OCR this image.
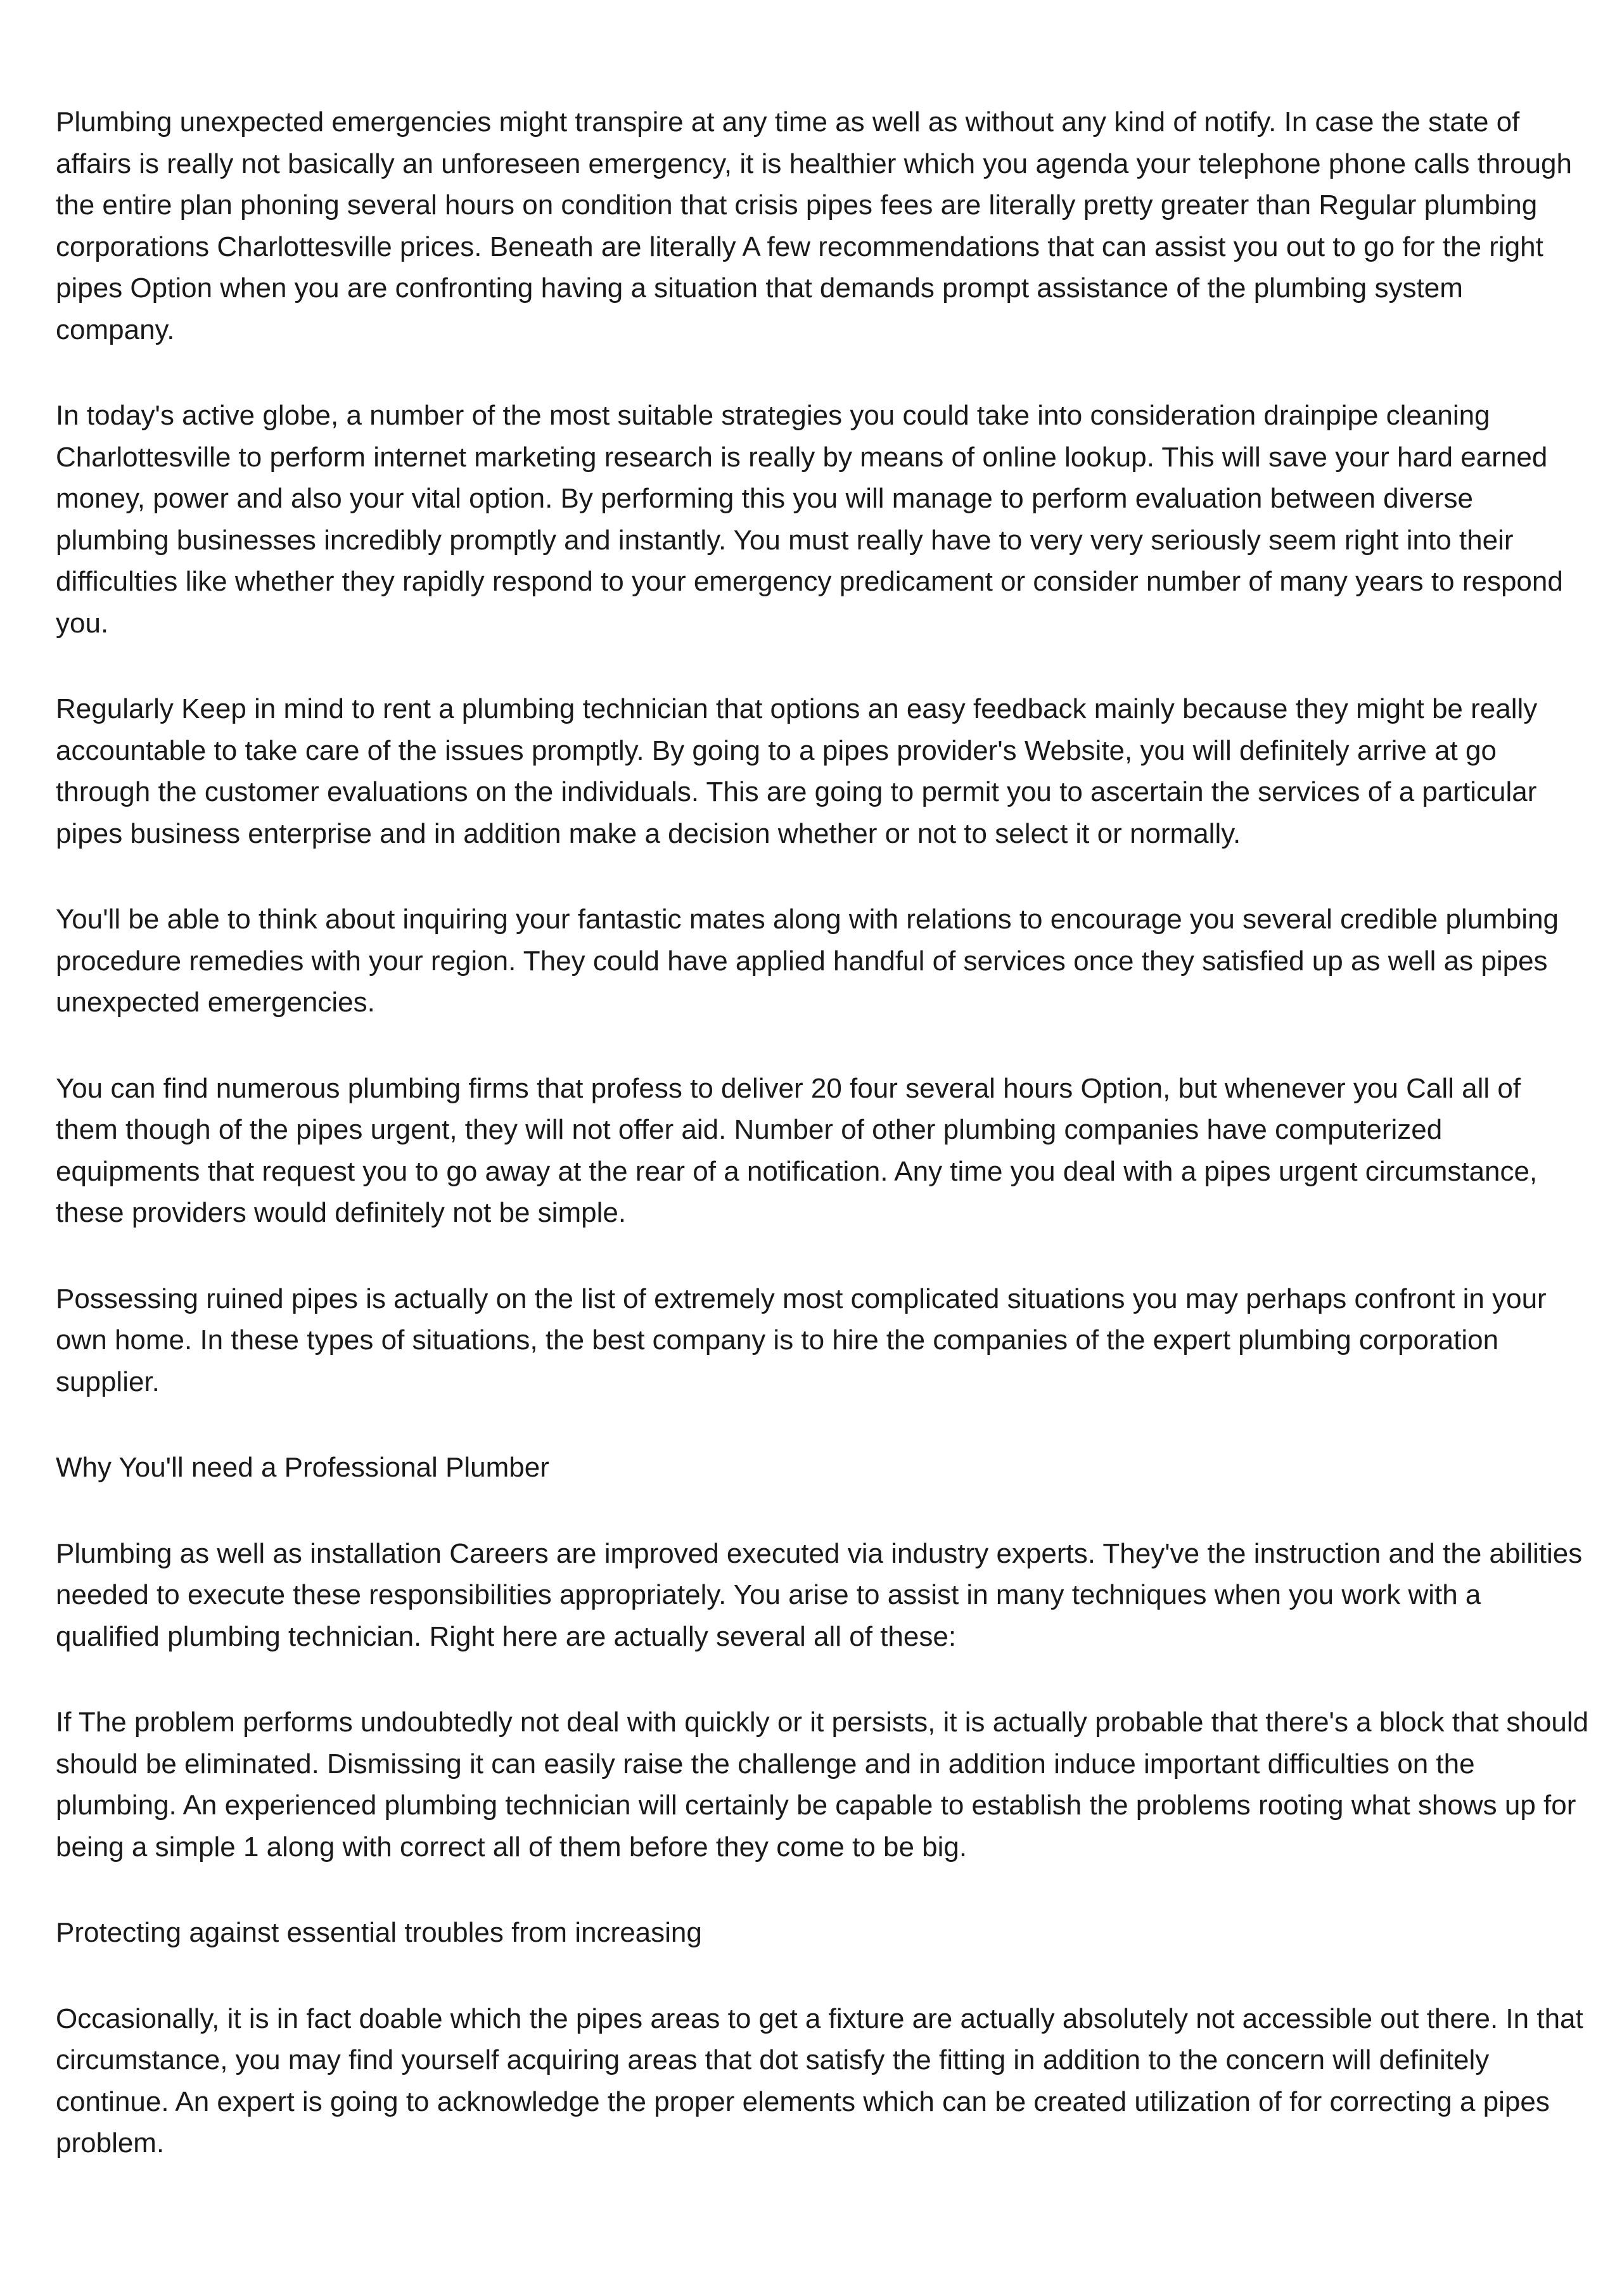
Plumbing unexpected emergencies might transpire at any time as well as without any kind of notify. In case the state of affairs is really not basically an unforeseen emergency, it is healthier which you agenda your telephone phone calls through the entire plan phoning several hours on condition that crisis pipes fees are literally pretty greater than Regular plumbing corporations Charlottesville prices. Beneath are literally A few recommendations that can assist you out to go for the right pipes Option when you are confronting having a situation that demands prompt assistance of the plumbing system company.

In today's active globe, a number of the most suitable strategies you could take into consideration drainpipe cleaning Charlottesville to perform internet marketing research is really by means of online lookup. This will save your hard earned money, power and also your vital option. By performing this you will manage to perform evaluation between diverse plumbing businesses incredibly promptly and instantly. You must really have to very very seriously seem right into their difficulties like whether they rapidly respond to your emergency predicament or consider number of many years to respond you.

Regularly Keep in mind to rent a plumbing technician that options an easy feedback mainly because they might be really accountable to take care of the issues promptly. By going to a pipes provider's Website, you will definitely arrive at go through the customer evaluations on the individuals. This are going to permit you to ascertain the services of a particular pipes business enterprise and in addition make a decision whether or not to select it or normally.

You'll be able to think about inquiring your fantastic mates along with relations to encourage you several credible plumbing procedure remedies with your region. They could have applied handful of services once they satisfied up as well as pipes unexpected emergencies.

You can find numerous plumbing firms that profess to deliver 20 four several hours Option, but whenever you Call all of them though of the pipes urgent, they will not offer aid. Number of other plumbing companies have computerized equipments that request you to go away at the rear of a notification. Any time you deal with a pipes urgent circumstance, these providers would definitely not be simple.

Possessing ruined pipes is actually on the list of extremely most complicated situations you may perhaps confront in your own home. In these types of situations, the best company is to hire the companies of the expert plumbing corporation supplier.

Why You'll need a Professional Plumber

Plumbing as well as installation Careers are improved executed via industry experts. They've the instruction and the abilities needed to execute these responsibilities appropriately. You arise to assist in many techniques when you work with a qualified plumbing technician. Right here are actually several all of these:

If The problem performs undoubtedly not deal with quickly or it persists, it is actually probable that there's a block that should should be eliminated. Dismissing it can easily raise the challenge and in addition induce important difficulties on the plumbing. An experienced plumbing technician will certainly be capable to establish the problems rooting what shows up for being a simple 1 along with correct all of them before they come to be big.

Protecting against essential troubles from increasing

Occasionally, it is in fact doable which the pipes areas to get a fixture are actually absolutely not accessible out there. In that circumstance, you may find yourself acquiring areas that dot satisfy the fitting in addition to the concern will definitely continue. An expert is going to acknowledge the proper elements which can be created utilization of for correcting a pipes problem.
